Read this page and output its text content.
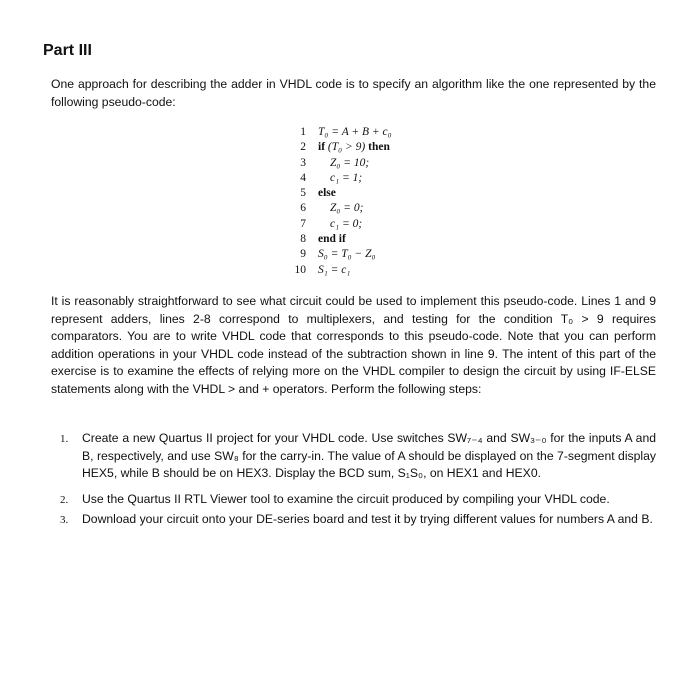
Part III
One approach for describing the adder in VHDL code is to specify an algorithm like the one represented by the following pseudo-code:
1 T₀ = A + B + c₀
2 if (T₀ > 9) then
3 Z₀ = 10;
4 c₁ = 1;
5 else
6 Z₀ = 0;
7 c₁ = 0;
8 end if
9 S₀ = T₀ − Z₀
10 S₁ = c₁
It is reasonably straightforward to see what circuit could be used to implement this pseudo-code. Lines 1 and 9 represent adders, lines 2-8 correspond to multiplexers, and testing for the condition T₀ > 9 requires comparators. You are to write VHDL code that corresponds to this pseudo-code. Note that you can perform addition operations in your VHDL code instead of the subtraction shown in line 9. The intent of this part of the exercise is to examine the effects of relying more on the VHDL compiler to design the circuit by using IF-ELSE statements along with the VHDL > and + operators. Perform the following steps:
1.	Create a new Quartus II project for your VHDL code. Use switches SW₇₋₄ and SW₃₋₀ for the inputs A and B, respectively, and use SW₈ for the carry-in. The value of A should be displayed on the 7-segment display HEX5, while B should be on HEX3. Display the BCD sum, S₁S₀, on HEX1 and HEX0.
2.	Use the Quartus II RTL Viewer tool to examine the circuit produced by compiling your VHDL code.
3.	Download your circuit onto your DE-series board and test it by trying different values for numbers A and B.
